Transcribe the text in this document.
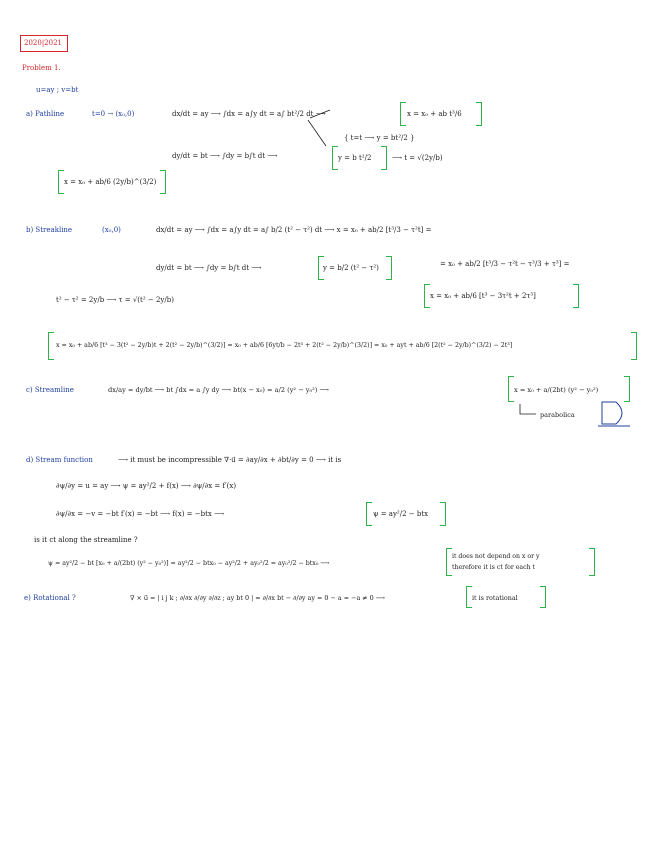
2020|2021
Problem 1.
u=ay ; v=bt
a) Pathline	t=0 → (x₀,0)	dx/dt = ay ⟶ ∫dx = a∫y dt = a∫ bt²/2 dt ⟶	x = x₀ + ab t³/6
{ t=t ⟶ y = bt²/2 }
dy/dt = bt ⟶ ∫dy = b∫t dt ⟶	y = b t²/2	⟶ t = √(2y/b)
x = x₀ + ab/6 (2y/b)^(3/2)
b) Streakline	(x₀,0)	dx/dt = ay ⟶ ∫dx = a∫y dt = a∫ b/2 (t² − τ²) dt ⟶ x = x₀ + ab/2 [t³/3 − τ²t] =
dy/dt = bt ⟶ ∫dy = b∫t dt ⟶	y = b/2 (t² − τ²)	= x₀ + ab/2 [t³/3 − τ²t − τ³/3 + τ³] =
t² − τ² = 2y/b ⟶ τ = √(t² − 2y/b)	x = x₀ + ab/6 [t³ − 3τ²t + 2τ³]
x = x₀ + ab/6 [t³ − 3(t² − 2y/b)t + 2(t² − 2y/b)^(3/2)] = x₀ + ab/6 [6yt/b − 2t³ + 2(t² − 2y/b)^(3/2)] = x₀ + ayt + ab/6 [2(t² − 2y/b)^(3/2) − 2t³]
c) Streamline	dx/ay = dy/bt ⟶ bt ∫dx = a ∫y dy ⟶ bt(x − x₀) = a/2 (y² − y₀²) ⟶	x = x₀ + a/(2bt) (y² − y₀²)
parabolica
d) Stream function	⟶ it must be incompressible ∇·u⃗ = ∂ay/∂x + ∂bt/∂y = 0 ⟶ it is
∂ψ/∂y = u = ay ⟶ ψ = ay²/2 + f(x) ⟶ ∂ψ/∂x = f′(x)
∂ψ/∂x = −v = −bt f′(x) = −bt ⟶ f(x) = −btx ⟶	ψ = ay²/2 − btx
is it ct along the streamline ?
ψ = ay²/2 − bt [x₀ + a/(2bt) (y² − y₀²)] = ay²/2 − btx₀ − ay²/2 + ay₀²/2 = ay₀²/2 − btx₀ ⟶
it does not depend on x or y
therefore it is ct for each t
e) Rotational ?	∇ × u⃗ = | i j k ; ∂/∂x ∂/∂y ∂/∂z ; ay bt 0 | = ∂/∂x bt − ∂/∂y ay = 0 − a = −a ≠ 0 ⟶	it is rotational
